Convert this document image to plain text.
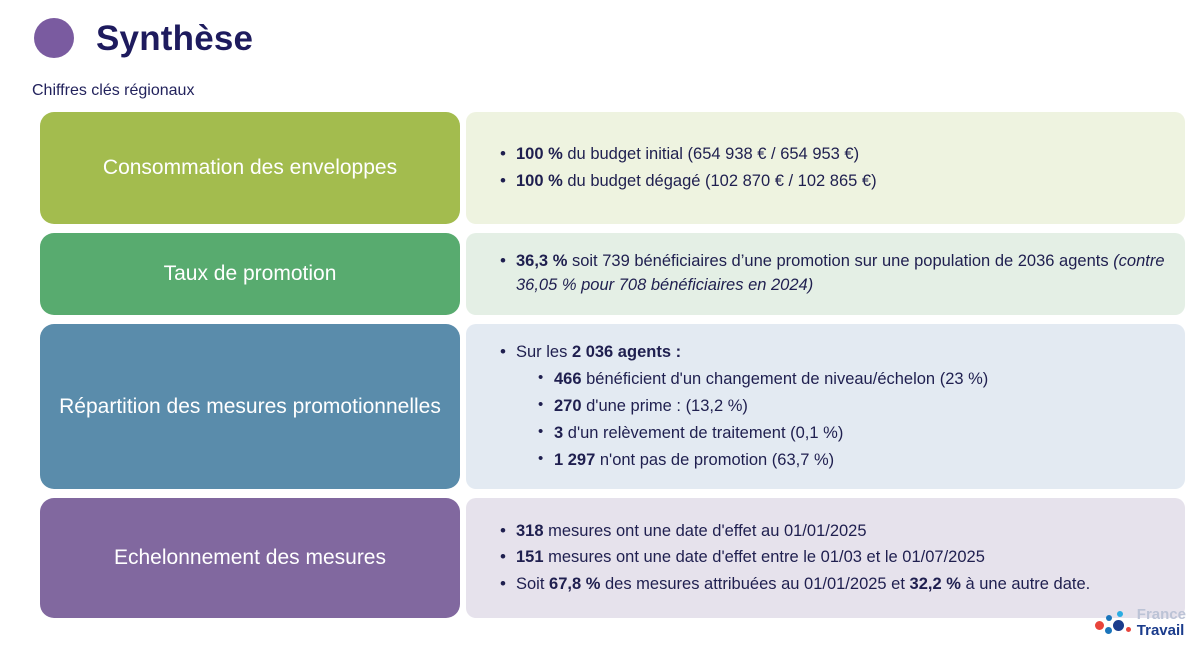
Synthèse
Chiffres clés régionaux
Consommation des enveloppes
• 100 % du budget initial (654 938 € / 654 953 €)
• 100 % du budget dégagé (102 870 € / 102 865 €)
Taux de promotion
• 36,3 % soit 739 bénéficiaires d’une promotion sur une population de 2036 agents (contre 36,05 % pour 708 bénéficiaires en 2024)
Répartition des mesures promotionnelles
• Sur les 2 036 agents :
• 466 bénéficient d'un changement de niveau/échelon (23 %)
• 270 d'une prime : (13,2 %)
• 3 d'un relèvement de traitement (0,1 %)
• 1 297 n'ont pas de promotion (63,7 %)
Echelonnement des mesures
• 318 mesures ont une date d'effet au 01/01/2025
• 151 mesures ont une date d'effet entre le 01/03 et le 01/07/2025
• Soit 67,8 % des mesures attribuées au 01/01/2025 et 32,2 % à une autre date.
France
Travail
